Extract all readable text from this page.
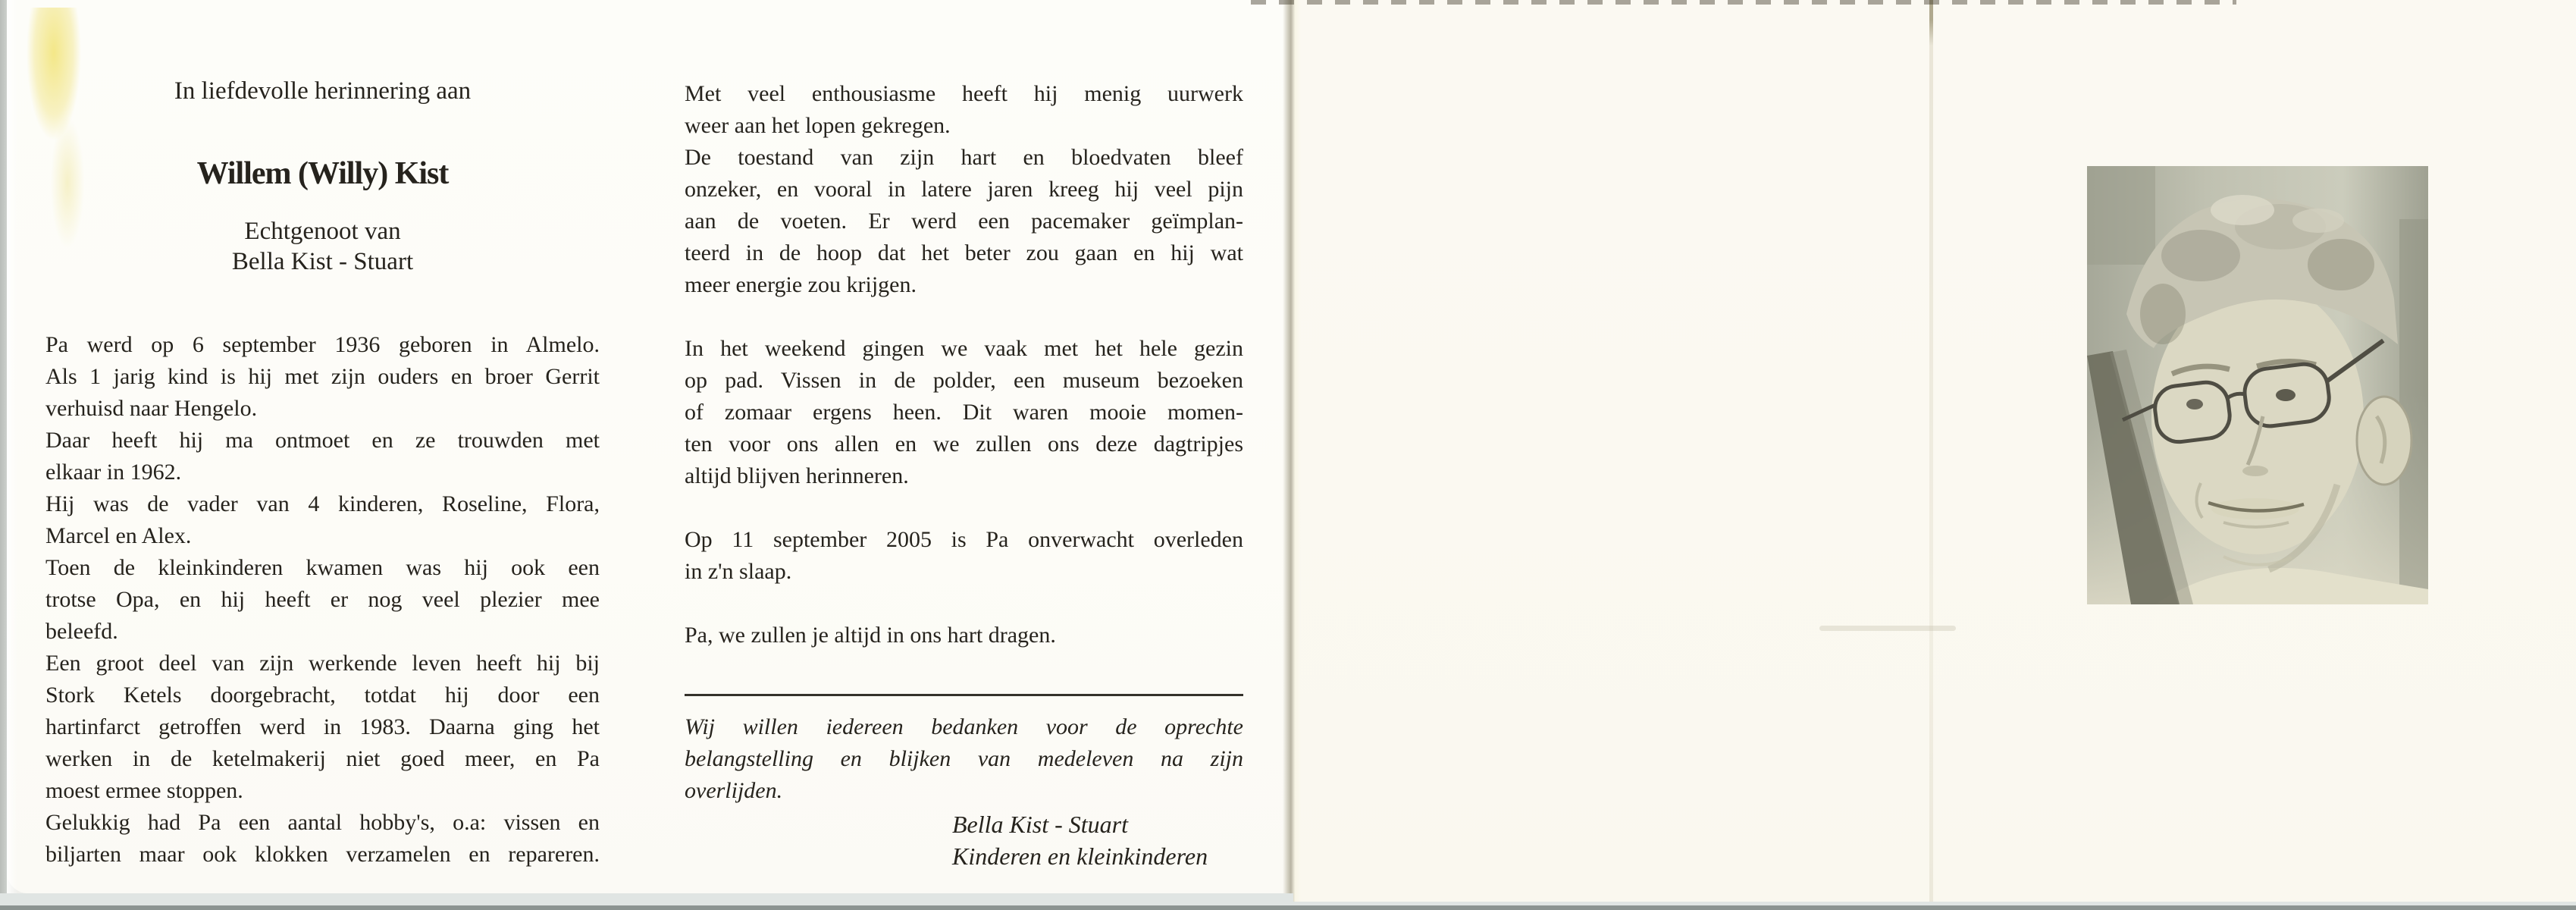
In liefdevolle herinnering aan
Willem (Willy) Kist
Echtgenoot van
Bella Kist - Stuart
Pa werd op 6 september 1936 geboren in Almelo.
Als 1 jarig kind is hij met zijn ouders en broer Gerrit
verhuisd naar Hengelo.
Daar heeft hij ma ontmoet en ze trouwden met
elkaar in 1962.
Hij was de vader van 4 kinderen, Roseline, Flora,
Marcel en Alex.
Toen de kleinkinderen kwamen was hij ook een
trotse Opa, en hij heeft er nog veel plezier mee
beleefd.
Een groot deel van zijn werkende leven heeft hij bij
Stork Ketels doorgebracht, totdat hij door een
hartinfarct getroffen werd in 1983. Daarna ging het
werken in de ketelmakerij niet goed meer, en Pa
moest ermee stoppen.
Gelukkig had Pa een aantal hobby's, o.a: vissen en
biljarten maar ook klokken verzamelen en repareren.
Met veel enthousiasme heeft hij menig uurwerk
weer aan het lopen gekregen.
De toestand van zijn hart en bloedvaten bleef
onzeker, en vooral in latere jaren kreeg hij veel pijn
aan de voeten. Er werd een pacemaker geïmplan-
teerd in de hoop dat het beter zou gaan en hij wat
meer energie zou krijgen.
In het weekend gingen we vaak met het hele gezin
op pad. Vissen in de polder, een museum bezoeken
of zomaar ergens heen. Dit waren mooie momen-
ten voor ons allen en we zullen ons deze dagtripjes
altijd blijven herinneren.
Op 11 september 2005 is Pa onverwacht overleden
in z'n slaap.
Pa, we zullen je altijd in ons hart dragen.
Wij willen iedereen bedanken voor de oprechte
belangstelling en blijken van medeleven na zijn
overlijden.
Bella Kist - Stuart
Kinderen en kleinkinderen
